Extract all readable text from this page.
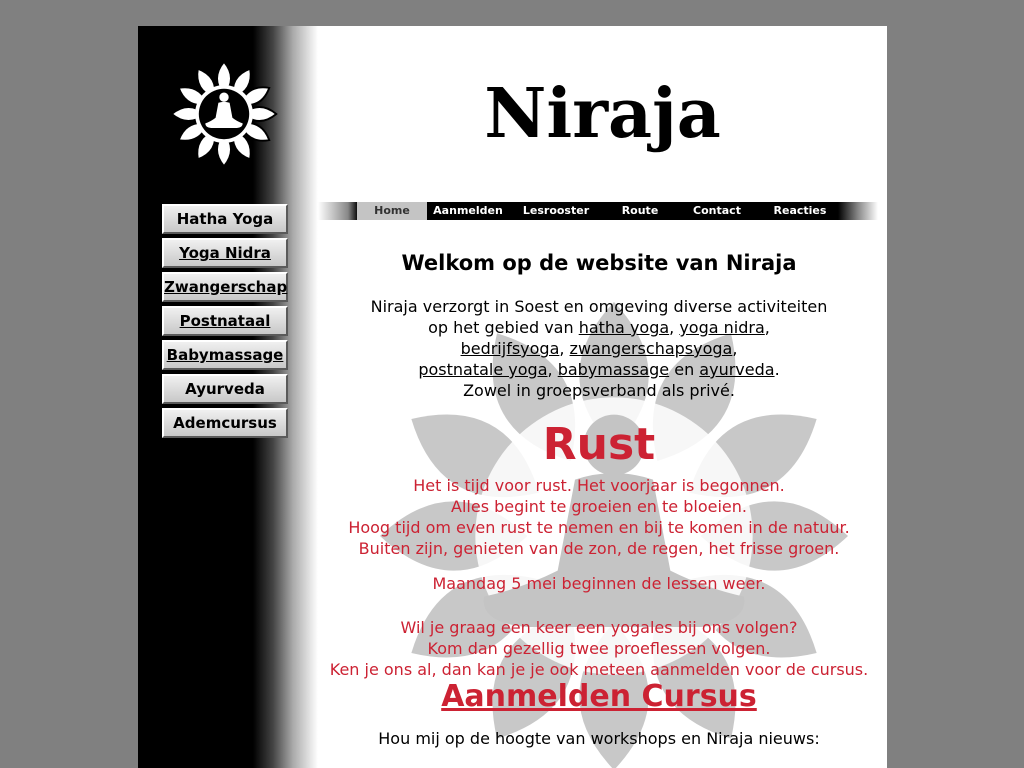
Hatha Yoga
Yoga Nidra
Zwangerschap
Postnataal
Babymassage
Ayurveda
Ademcursus
Niraja
Home	Aanmelden	Lesrooster	Route	Contact	Reacties
Welkom op de website van Niraja
Niraja verzorgt in Soest en omgeving diverse activiteiten
op het gebied van hatha yoga, yoga nidra,
bedrijfsyoga, zwangerschapsyoga,
postnatale yoga, babymassage en ayurveda.
Zowel in groepsverband als privé.
Rust
Het is tijd voor rust. Het voorjaar is begonnen.
Alles begint te groeien en te bloeien.
Hoog tijd om even rust te nemen en bij te komen in de natuur.
Buiten zijn, genieten van de zon, de regen, het frisse groen.
Maandag 5 mei beginnen de lessen weer.
Wil je graag een keer een yogales bij ons volgen?
Kom dan gezellig twee proeflessen volgen.
Ken je ons al, dan kan je je ook meteen aanmelden voor de cursus.
Aanmelden Cursus
Hou mij op de hoogte van workshops en Niraja nieuws:
